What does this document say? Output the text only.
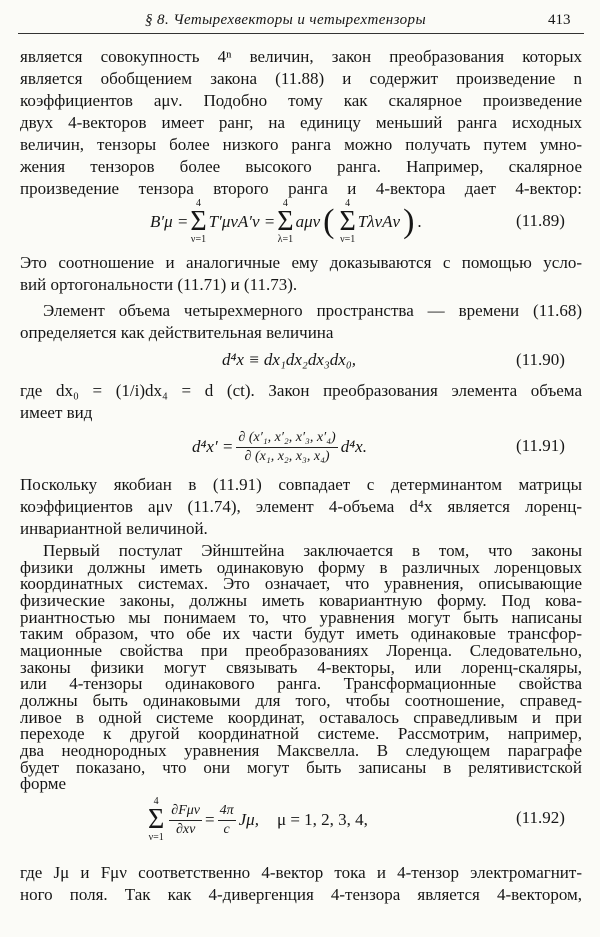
§ 8. Четырехвекторы и четырехтензоры	413
является совокупность 4ⁿ величин, закон преобразования которых
является обобщением закона (11.88) и содержит произведение n
коэффициентов aμν. Подобно тому как скалярное произведение
двух 4-векторов имеет ранг, на единицу меньший ранга исходных
величин, тензоры более низкого ранга можно получать путем умно-
жения тензоров более высокого ранга. Например, скалярное
произведение тензора второго ранга и 4-вектора дает 4-вектор:
B′μ =
4
Σ
ν=1
T′μνA′ν =
4
Σ
λ=1
aμν ( 4
Σ
ν=1
TλνAν ) .	(11.89)
Это соотношение и аналогичные ему доказываются с помощью усло-
вий ортогональности (11.71) и (11.73).
Элемент объема четырехмерного пространства — времени (11.68)
определяется как действительная величина
d⁴x ≡ dx₁dx₂dx₃dx₀,	(11.90)
где dx₀ = (1/i)dx₄ = d (ct). Закон преобразования элемента объема
имеет вид
$d^4x' = \frac{\text{∂ (x′₁, x′₂, x′₃, x′₄)}}{\text{∂ (x₁, x₂, x₃, x₄)}} d^4x$.	(11.91)
Поскольку якобиан в (11.91) совпадает с детерминантом матрицы
коэффициентов aμν (11.74), элемент 4-объема d⁴x является лоренц-
инвариантной величиной.
Первый постулат Эйнштейна заключается в том, что законы
физики должны иметь одинаковую форму в различных лоренцовых
координатных системах. Это означает, что уравнения, описывающие
физические законы, должны иметь ковариантную форму. Под кова-
риантностью мы понимаем то, что уравнения могут быть написаны
таким образом, что обе их части будут иметь одинаковые трансфор-
мационные свойства при преобразованиях Лоренца. Следовательно,
законы физики могут связывать 4-векторы, или лоренц-скаляры,
или 4-тензоры одинакового ранга. Трансформационные свойства
должны быть одинаковыми для того, чтобы соотношение, справед-
ливое в одной системе координат, оставалось справедливым и при
переходе к другой координатной системе. Рассмотрим, например,
два неоднородных уравнения Максвелла. В следующем параграфе
будет показано, что они могут быть записаны в релятивистской
форме
4
Σ
ν=1
$\frac{\text{∂Fμν}}{\partial x\nu} = \frac{4\pi}{c} J\mu$, μ = 1, 2, 3, 4,	(11.92)
где Jμ и Fμν соответственно 4-вектор тока и 4-тензор электромагнит-
ного поля. Так как 4-дивергенция 4-тензора является 4-вектором,
